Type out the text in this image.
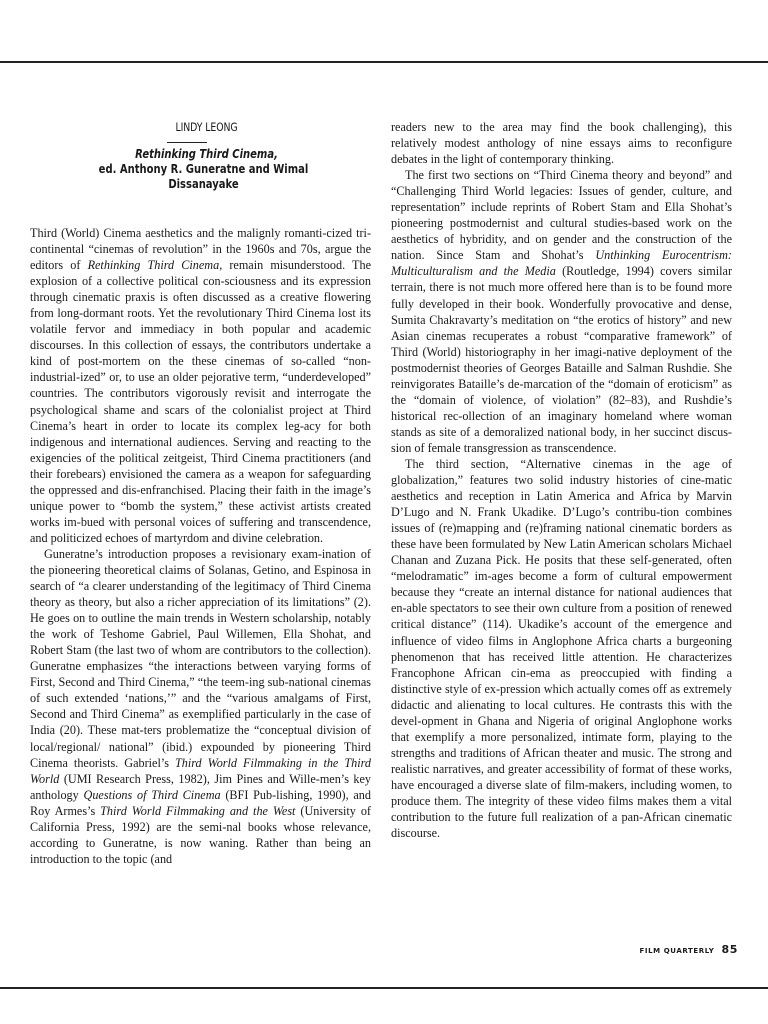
LINDY LEONG
Rethinking Third Cinema,
ed. Anthony R. Guneratne and Wimal Dissanayake

Third (World) Cinema aesthetics and the malignly romanti-cized tri-continental “cinemas of revolution” in the 1960s and 70s, argue the editors of Rethinking Third Cinema, remain misunderstood. The explosion of a collective political con-sciousness and its expression through cinematic praxis is often discussed as a creative flowering from long-dormant roots. Yet the revolutionary Third Cinema lost its volatile fervor and immediacy in both popular and academic discourses. In this collection of essays, the contributors undertake a kind of post-mortem on the these cinemas of so-called “non-industrial-ized” or, to use an older pejorative term, “underdeveloped” countries. The contributors vigorously revisit and interrogate the psychological shame and scars of the colonialist project at Third Cinema’s heart in order to locate its complex leg-acy for both indigenous and international audiences. Serving and reacting to the exigencies of the political zeitgeist, Third Cinema practitioners (and their forebears) envisioned the camera as a weapon for safeguarding the oppressed and dis-enfranchised. Placing their faith in the image’s unique power to “bomb the system,” these activist artists created works im-bued with personal voices of suffering and transcendence, and politicized echoes of martyrdom and divine celebration.

Guneratne’s introduction proposes a revisionary exam-ination of the pioneering theoretical claims of Solanas, Getino, and Espinosa in search of “a clearer understanding of the legitimacy of Third Cinema theory as theory, but also a richer appreciation of its limitations” (2). He goes on to outline the main trends in Western scholarship, notably the work of Teshome Gabriel, Paul Willemen, Ella Shohat, and Robert Stam (the last two of whom are contributors to the collection). Guneratne emphasizes “the interactions between varying forms of First, Second and Third Cinema,” “the teem-ing sub-national cinemas of such extended ‘nations,’” and the “various amalgams of First, Second and Third Cinema” as exemplified particularly in the case of India (20). These mat-ters problematize the “conceptual division of local/regional/ national” (ibid.) expounded by pioneering Third Cinema theorists. Gabriel’s Third World Filmmaking in the Third World (UMI Research Press, 1982), Jim Pines and Wille-men’s key anthology Questions of Third Cinema (BFI Pub-lishing, 1990), and Roy Armes’s Third World Filmmaking and the West (University of California Press, 1992) are the semi-nal books whose relevance, according to Guneratne, is now waning. Rather than being an introduction to the topic (and

readers new to the area may find the book challenging), this relatively modest anthology of nine essays aims to reconfigure debates in the light of contemporary thinking.

The first two sections on “Third Cinema theory and beyond” and “Challenging Third World legacies: Issues of gender, culture, and representation” include reprints of Robert Stam and Ella Shohat’s pioneering postmodernist and cultural studies-based work on the aesthetics of hybridity, and on gender and the construction of the nation. Since Stam and Shohat’s Unthinking Eurocentrism: Multiculturalism and the Media (Routledge, 1994) covers similar terrain, there is not much more offered here than is to be found more fully developed in their book. Wonderfully provocative and dense, Sumita Chakravarty’s meditation on “the erotics of history” and new Asian cinemas recuperates a robust “comparative framework” of Third (World) historiography in her imagi-native deployment of the postmodernist theories of Georges Bataille and Salman Rushdie. She reinvigorates Bataille’s de-marcation of the “domain of eroticism” as the “domain of violence, of violation” (82–83), and Rushdie’s historical rec-ollection of an imaginary homeland where woman stands as site of a demoralized national body, in her succinct discus-sion of female transgression as transcendence.

The third section, “Alternative cinemas in the age of globalization,” features two solid industry histories of cine-matic aesthetics and reception in Latin America and Africa by Marvin D’Lugo and N. Frank Ukadike. D’Lugo’s contribu-tion combines issues of (re)mapping and (re)framing national cinematic borders as these have been formulated by New Latin American scholars Michael Chanan and Zuzana Pick. He posits that these self-generated, often “melodramatic” im-ages become a form of cultural empowerment because they “create an internal distance for national audiences that en-able spectators to see their own culture from a position of renewed critical distance” (114). Ukadike’s account of the emergence and influence of video films in Anglophone Africa charts a burgeoning phenomenon that has received little attention. He characterizes Francophone African cin-ema as preoccupied with finding a distinctive style of ex-pression which actually comes off as extremely didactic and alienating to local cultures. He contrasts this with the devel-opment in Ghana and Nigeria of original Anglophone works that exemplify a more personalized, intimate form, playing to the strengths and traditions of African theater and music. The strong and realistic narratives, and greater accessibility of format of these works, have encouraged a diverse slate of film-makers, including women, to produce them. The integrity of these video films makes them a vital contribution to the future full realization of a pan-African cinematic discourse.

FILM QUARTERLY 85
